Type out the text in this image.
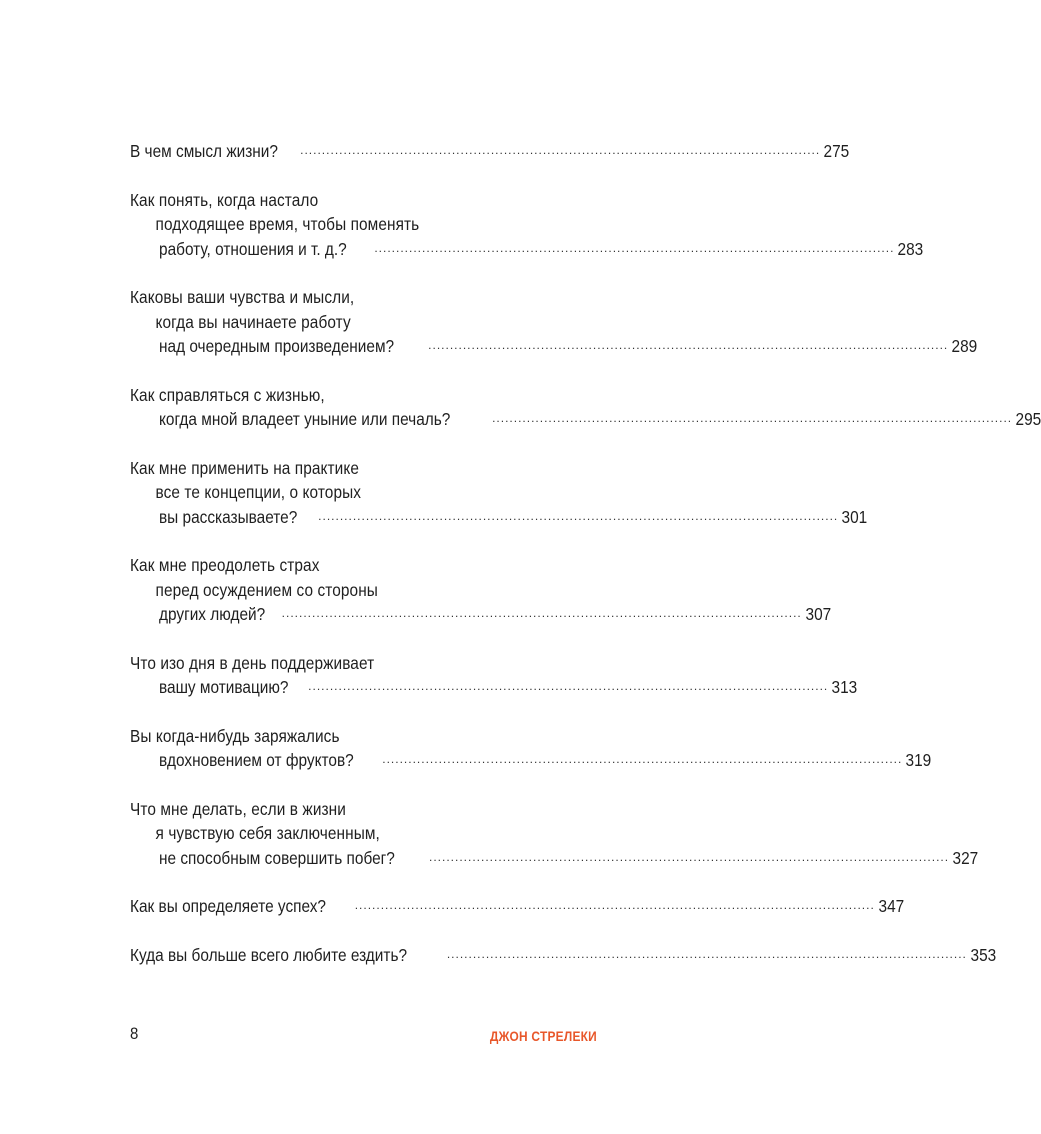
В чем смысл жизни? ........................................................................................................................ 275
Как понять, когда настало
подходящее время, чтобы поменять
работу, отношения и т. д.? ........................................................................................................................ 283
Каковы ваши чувства и мысли,
когда вы начинаете работу
над очередным произведением?	........................................................................................................................ 289
Как справляться с жизнью,
когда мной владеет уныние или печаль?	........................................................................................................................ 295
Как мне применить на практике
все те концепции, о которых
вы рассказываете? ........................................................................................................................ 301
Как мне преодолеть страх
перед осуждением со стороны
других людей? ........................................................................................................................ 307
Что изо дня в день поддерживает
вашу мотивацию? ........................................................................................................................ 313
Вы когда-нибудь заряжались
вдохновением от фруктов? ........................................................................................................................ 319
Что мне делать, если в жизни
я чувствую себя заключенным,
не способным совершить побег?	........................................................................................................................ 327
Как вы определяете успех? ........................................................................................................................ 347
Куда вы больше всего любите ездить?	........................................................................................................................ 353
8	ДЖОН СТРЕЛЕКИ
